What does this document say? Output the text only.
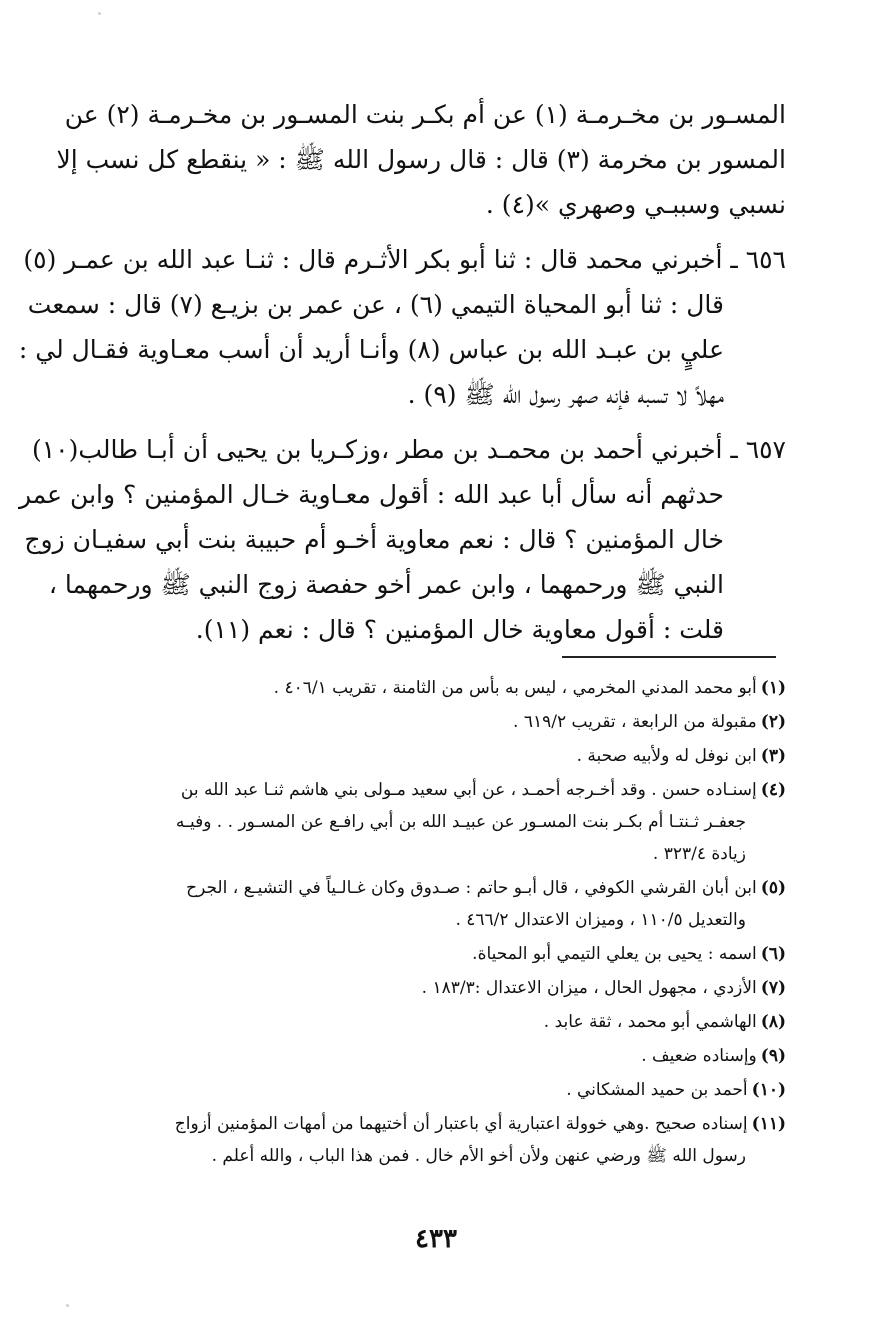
المسـور بن مخـرمـة (١) عن أم بكـر بنت المسـور بن مخـرمـة (٢) عن
المسور بن مخرمة (٣) قال : قال رسول الله ﷺ : « ينقطع كل نسب إلا
نسبي وسببـي وصهري »(٤) .
٦٥٦ ـ أخبرني محمد قال : ثنا أبو بكر الأثـرم قال : ثنـا عبد الله بن عمـر (٥)
قال : ثنا أبو المحياة التيمي (٦) ، عن عمر بن بزيـع (٧) قال : سمعت
عليٍ بن عبـد الله بن عباس (٨) وأنـا أريد أن أسب معـاوية فقـال لي :
مهلاً لا تسبه فإنه صهر رسول الله ﷺ (٩) .
٦٥٧ ـ أخبرني أحمد بن محمـد بن مطر ،وزكـريا بن يحيى أن أبـا طالب(١٠)
حدثهم أنه سأل أبا عبد الله : أقول معـاوية خـال المؤمنين ؟ وابن عمر
خال المؤمنين ؟ قال : نعم معاوية أخـو أم حبيبة بنت أبي سفيـان زوج
النبي ﷺ ورحمهما ، وابن عمر أخو حفصة زوج النبي ﷺ ورحمهما ،
قلت : أقول معاوية خال المؤمنين ؟ قال : نعم (١١).
(١)أبو محمد المدني المخرمي ، ليس به بأس من الثامنة ، تقريب ٤٠٦/١ .
(٢)مقبولة من الرابعة ، تقريب ٦١٩/٢ .
(٣)ابن نوفل له ولأبيه صحبة .
(٤)إسنـاده حسن . وقد أخـرجه أحمـد ، عن أبي سعيد مـولى بني هاشم ثنـا عبد الله بن
جعفـر ثـنتـا أم بكـر بنت المسـور عن عبيـد الله بن أبي رافـع عن المسـور . . وفيـه
زيادة ٣٢٣/٤ .
(٥)ابن أبان القرشي الكوفي ، قال أبـو حاتم : صـدوق وكان غـالـياً في التشيـع ، الجرح
والتعديل ١١٠/٥ ، وميزان الاعتدال ٤٦٦/٢ .
(٦)اسمه : يحيى بن يعلي التيمي أبو المحياة.
(٧)الأزدي ، مجهول الحال ، ميزان الاعتدال :١٨٣/٣ .
(٨)الهاشمي أبو محمد ، ثقة عابد .
(٩)وإسناده ضعيف .
(١٠)أحمد بن حميد المشكاني .
(١١)إسناده صحيح .وهي خوولة اعتبارية أي باعتبار أن أختيهما من أمهات المؤمنين أزواج
رسول الله ﷺ ورضي عنهن ولأن أخو الأم خال . فمن هذا الباب ، والله أعلم .
٤٣٣
